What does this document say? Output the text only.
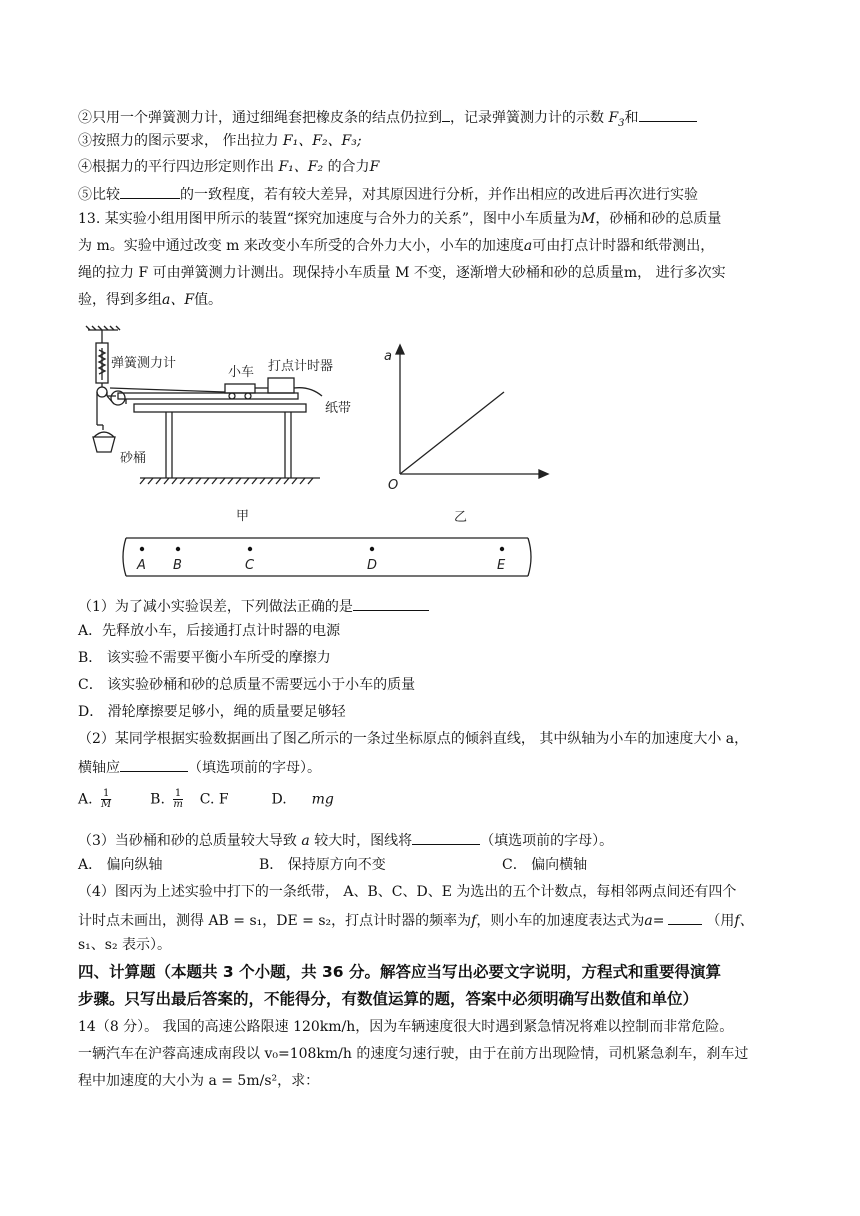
②只用一个弹簧测力计，通过细绳套把橡皮条的结点仍拉到 ，记录弹簧测力计的示数 $F_3$和
③按照力的图示要求， 作出拉力 F₁、F₂、F₃;
④根据力的平行四边形定则作出 F₁、F₂ 的合力F
⑤比较	的一致程度，若有较大差异，对其原因进行分析，并作出相应的改进后再次进行实验
13. 某实验小组用图甲所示的装置“探究加速度与合外力的关系”，图中小车质量为M，砂桶和砂的总质量
为 m。实验中通过改变 m 来改变小车所受的合外力大小，小车的加速度a可由打点计时器和纸带测出，
绳的拉力 F 可由弹簧测力计测出。现保持小车质量 M 不变，逐渐增大砂桶和砂的总质量m， 进行多次实
验，得到多组a、F值。
弹簧测力计
小车 打点计时器
纸带
砂桶
甲
a
O
乙
A B	C	D	E
（1）为了减小实验误差，下列做法正确的是
A．先释放小车，后接通打点计时器的电源
B． 该实验不需要平衡小车所受的摩擦力
C． 该实验砂桶和砂的总质量不需要远小于小车的质量
D． 滑轮摩擦要足够小，绳的质量要足够轻
（2）某同学根据实验数据画出了图乙所示的一条过坐标原点的倾斜直线， 其中纵轴为小车的加速度大小 a，
横轴应	（填选项前的字母）。
A. $\frac{1}{M}$	B. $\frac{1}{m} C$. F	D. mg
（3）当砂桶和砂的总质量较大导致 a 较大时，图线将	（填选项前的字母）。
A． 偏向纵轴	B． 保持原方向不变	C． 偏向横轴
（4）图丙为上述实验中打下的一条纸带， A、B、C、D、E 为选出的五个计数点，每相邻两点间还有四个
计时点未画出，测得 AB = s₁，DE = s₂，打点计时器的频率为f，则小车的加速度表达式为a=	（用f、
s₁、s₂ 表示）。
四、计算题（本题共 3 个小题，共 36 分。解答应当写出必要文字说明，方程式和重要得演算
步骤。只写出最后答案的，不能得分，有数值运算的题，答案中必须明确写出数值和单位）
14（8 分）。 我国的高速公路限速 120km/h，因为车辆速度很大时遇到紧急情况将难以控制而非常危险。
一辆汽车在沪蓉高速成南段以 v₀=108km/h 的速度匀速行驶，由于在前方出现险情，司机紧急刹车，刹车过
程中加速度的大小为 a = 5m/s²，求：
